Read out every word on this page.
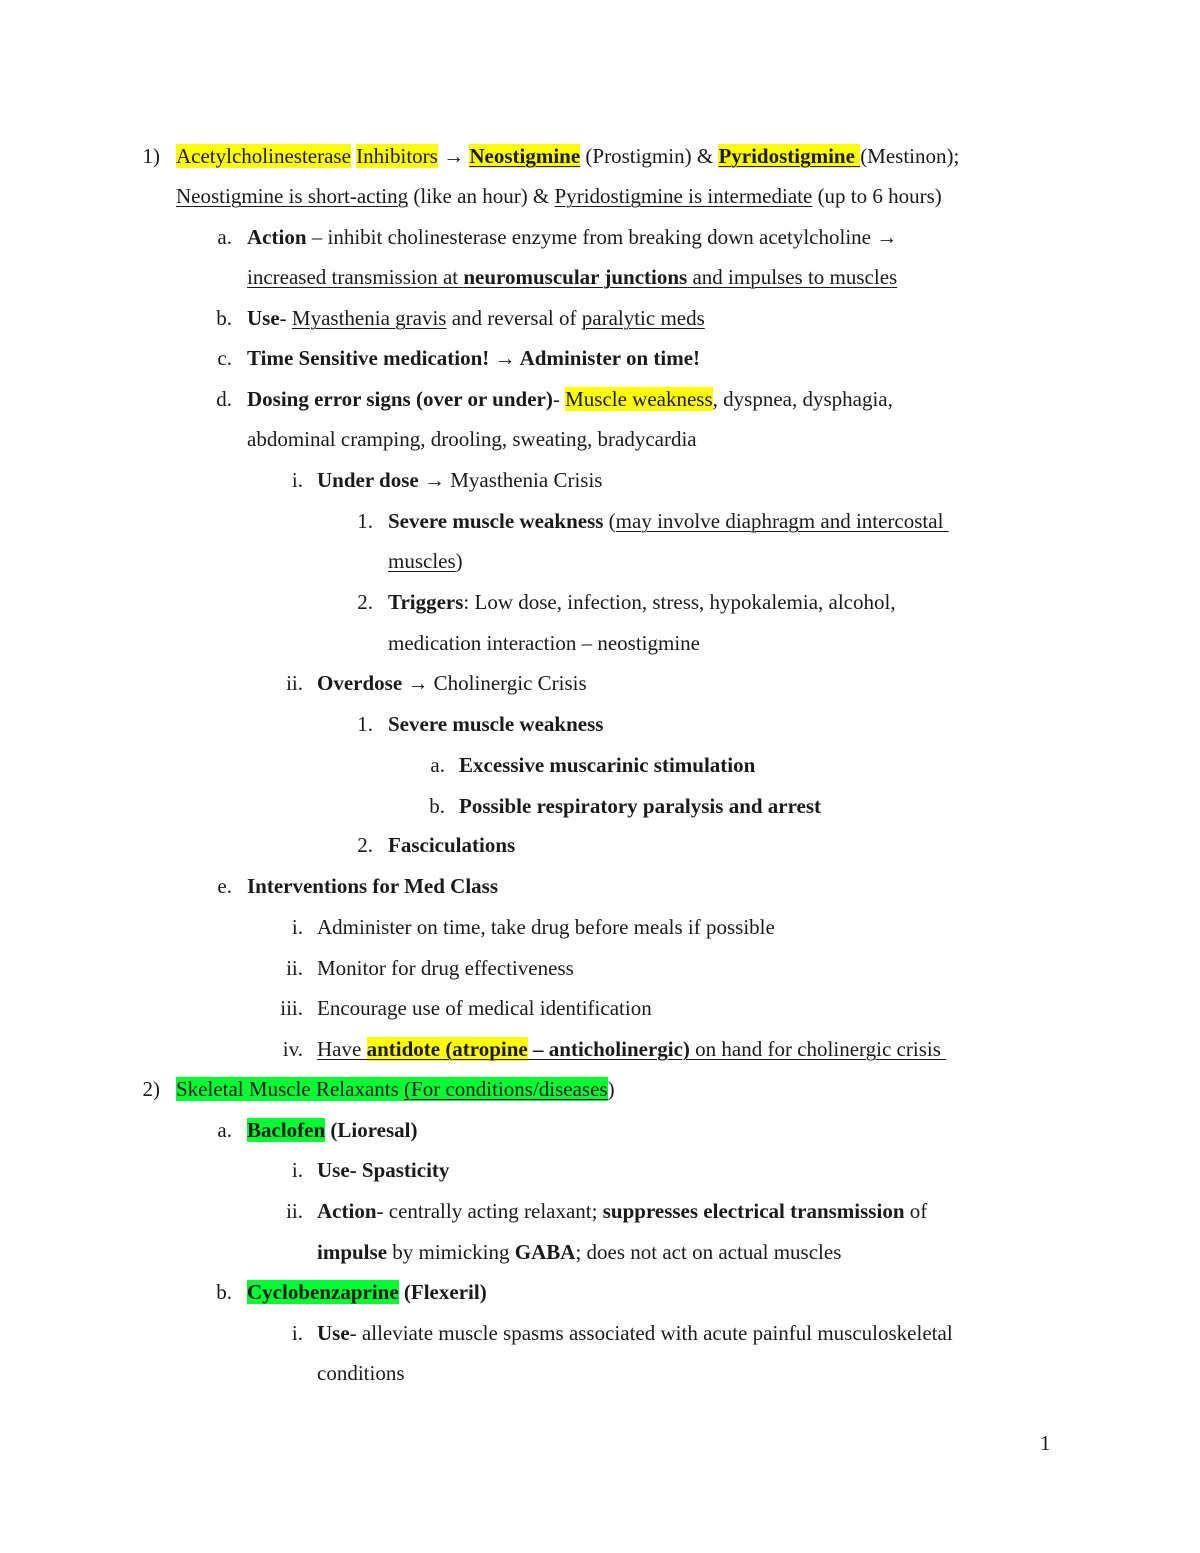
1) Acetylcholinesterase Inhibitors → Neostigmine (Prostigmin) & Pyridostigmine (Mestinon);
Neostigmine is short-acting (like an hour) & Pyridostigmine is intermediate (up to 6 hours)
a. Action – inhibit cholinesterase enzyme from breaking down acetylcholine →
increased transmission at neuromuscular junctions and impulses to muscles
b. Use- Myasthenia gravis and reversal of paralytic meds
c. Time Sensitive medication! → Administer on time!
d. Dosing error signs (over or under)- Muscle weakness, dyspnea, dysphagia,
abdominal cramping, drooling, sweating, bradycardia
i. Under dose → Myasthenia Crisis
1. Severe muscle weakness (may involve diaphragm and intercostal
muscles)
2. Triggers: Low dose, infection, stress, hypokalemia, alcohol,
medication interaction – neostigmine
ii. Overdose → Cholinergic Crisis
1. Severe muscle weakness
a. Excessive muscarinic stimulation
b. Possible respiratory paralysis and arrest
2. Fasciculations
e. Interventions for Med Class
i. Administer on time, take drug before meals if possible
ii. Monitor for drug effectiveness
iii. Encourage use of medical identification
iv. Have antidote (atropine – anticholinergic) on hand for cholinergic crisis
2) Skeletal Muscle Relaxants (For conditions/diseases)
a. Baclofen (Lioresal)
i. Use- Spasticity
ii. Action- centrally acting relaxant; suppresses electrical transmission of
impulse by mimicking GABA; does not act on actual muscles
b. Cyclobenzaprine (Flexeril)
i. Use- alleviate muscle spasms associated with acute painful musculoskeletal
conditions
1
